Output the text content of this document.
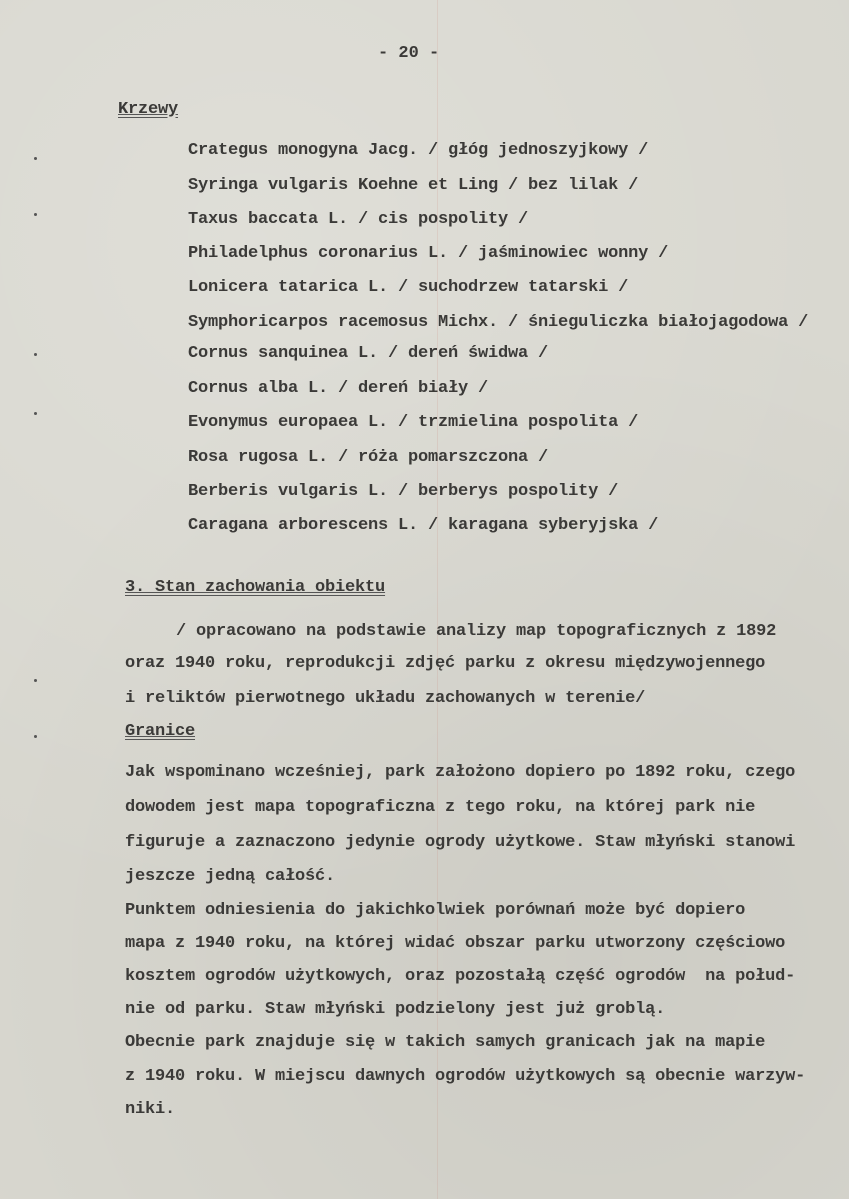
- 20 -
Krzewy
Crategus monogyna Jacg. / głóg jednoszyjkowy /
Syringa vulgaris Koehne et Ling / bez lilak /
Taxus baccata L. / cis pospolity /
Philadelphus coronarius L. / jaśminowiec wonny /
Lonicera tatarica L. / suchodrzew tatarski /
Symphoricarpos racemosus Michx. / śnieguliczka białojagodowa /
Cornus sanquinea L. / dereń świdwa /
Cornus alba L. / dereń biały /
Evonymus europaea L. / trzmielina pospolita /
Rosa rugosa L. / róża pomarszczona /
Berberis vulgaris L. / berberys pospolity /
Caragana arborescens L. / karagana syberyjska /
3. Stan zachowania obiektu
/ opracowano na podstawie analizy map topograficznych z 1892
oraz 1940 roku, reprodukcji zdjęć parku z okresu międzywojennego
i reliktów pierwotnego układu zachowanych w terenie/
Granice
Jak wspominano wcześniej, park założono dopiero po 1892 roku, czego
dowodem jest mapa topograficzna z tego roku, na której park nie
figuruje a zaznaczono jedynie ogrody użytkowe. Staw młyński stanowi
jeszcze jedną całość.
Punktem odniesienia do jakichkolwiek porównań może być dopiero
mapa z 1940 roku, na której widać obszar parku utworzony częściowo
kosztem ogrodów użytkowych, oraz pozostałą część ogrodów  na połud-
nie od parku. Staw młyński podzielony jest już groblą.
Obecnie park znajduje się w takich samych granicach jak na mapie
z 1940 roku. W miejscu dawnych ogrodów użytkowych są obecnie warzyw-
niki.
